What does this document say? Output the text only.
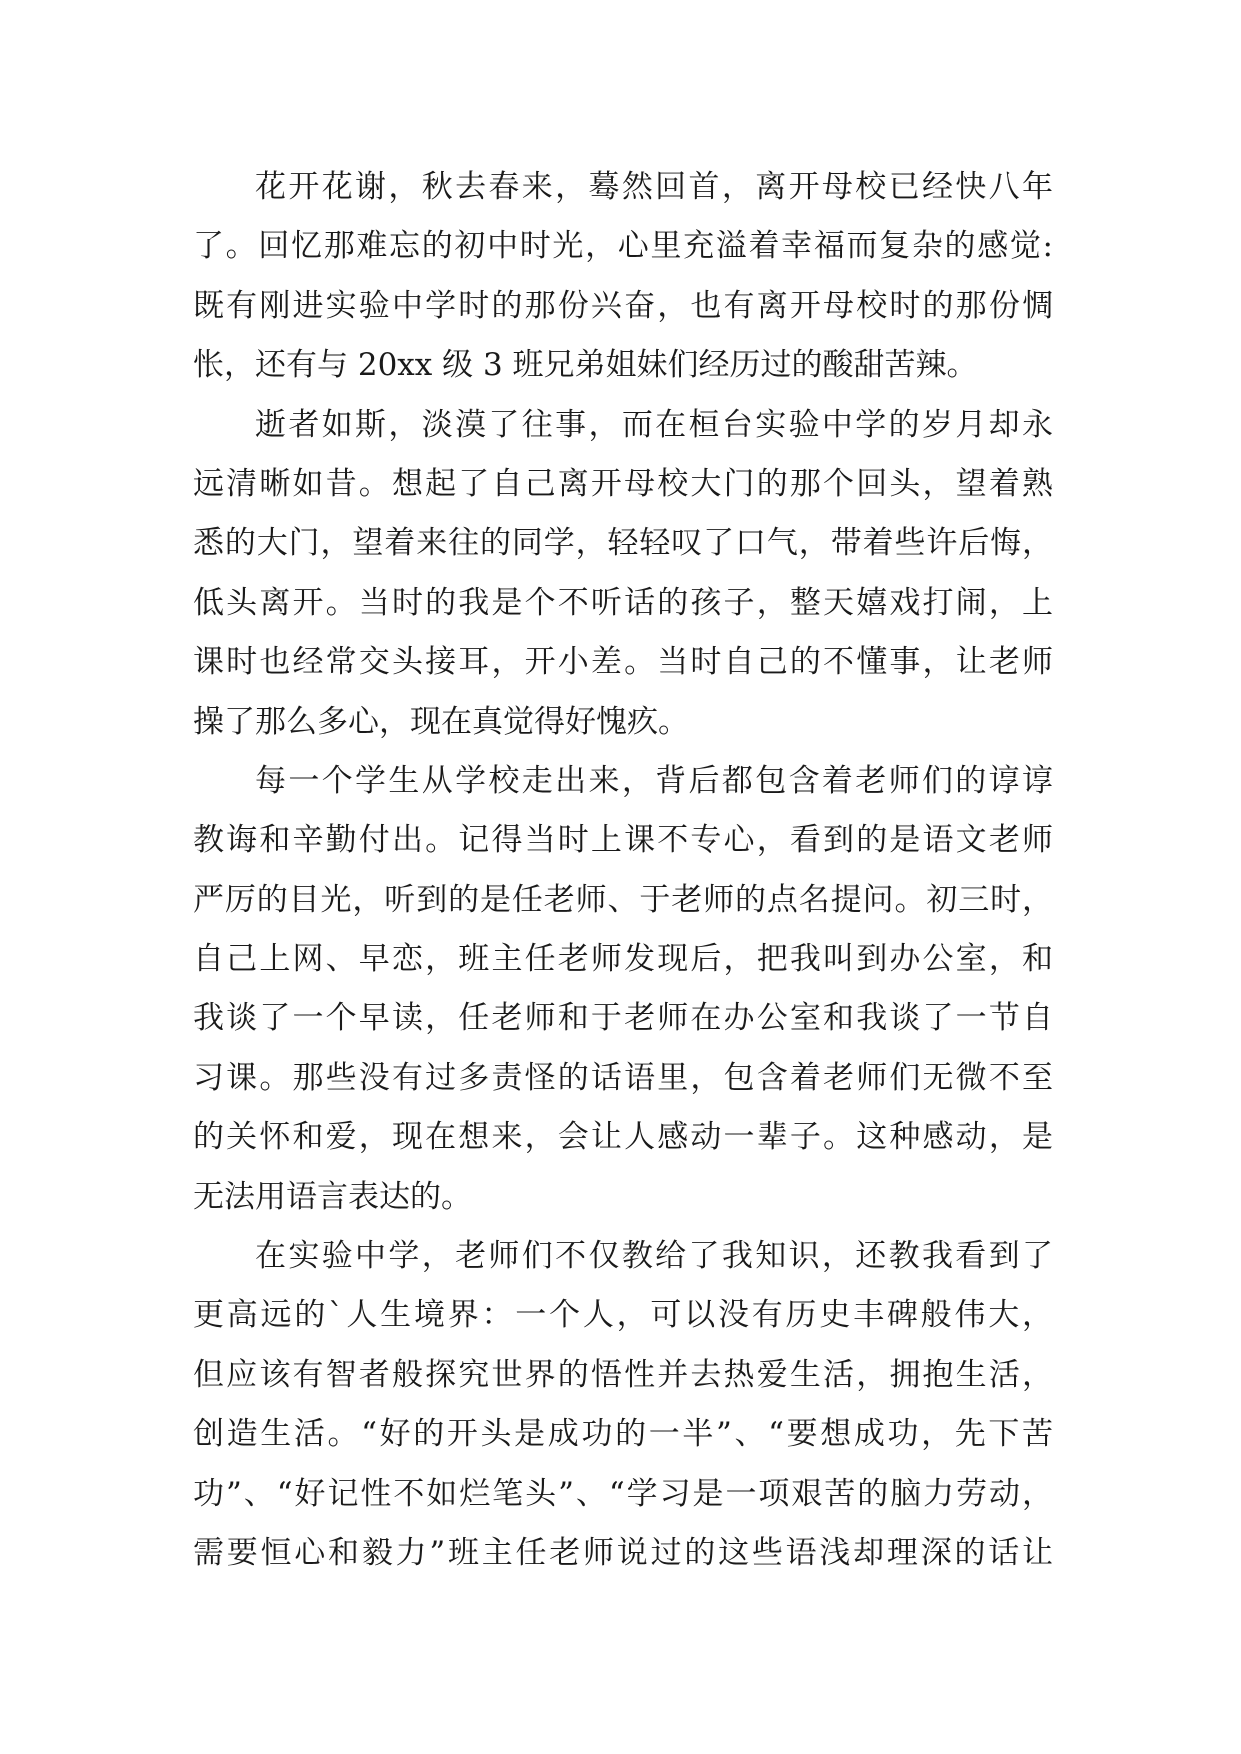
花开花谢，秋去春来，蓦然回首，离开母校已经快八年
了。回忆那难忘的初中时光，心里充溢着幸福而复杂的感觉:
既有刚进实验中学时的那份兴奋，也有离开母校时的那份惆
怅，还有与 20xx 级 3 班兄弟姐妹们经历过的酸甜苦辣。
逝者如斯，淡漠了往事，而在桓台实验中学的岁月却永
远清晰如昔。想起了自己离开母校大门的那个回头，望着熟
悉的大门，望着来往的同学，轻轻叹了口气，带着些许后悔，
低头离开。当时的我是个不听话的孩子，整天嬉戏打闹，上
课时也经常交头接耳，开小差。当时自己的不懂事，让老师
操了那么多心，现在真觉得好愧疚。
每一个学生从学校走出来，背后都包含着老师们的谆谆
教诲和辛勤付出。记得当时上课不专心，看到的是语文老师
严厉的目光，听到的是任老师、于老师的点名提问。初三时，
自己上网、早恋，班主任老师发现后，把我叫到办公室，和
我谈了一个早读，任老师和于老师在办公室和我谈了一节自
习课。那些没有过多责怪的话语里，包含着老师们无微不至
的关怀和爱，现在想来，会让人感动一辈子。这种感动，是
无法用语言表达的。
在实验中学，老师们不仅教给了我知识，还教我看到了
更高远的`人生境界：一个人，可以没有历史丰碑般伟大，
但应该有智者般探究世界的悟性并去热爱生活，拥抱生活，
创造生活。“好的开头是成功的一半”、“要想成功，先下苦
功”、“好记性不如烂笔头”、“学习是一项艰苦的脑力劳动，
需要恒心和毅力”班主任老师说过的这些语浅却理深的话让
